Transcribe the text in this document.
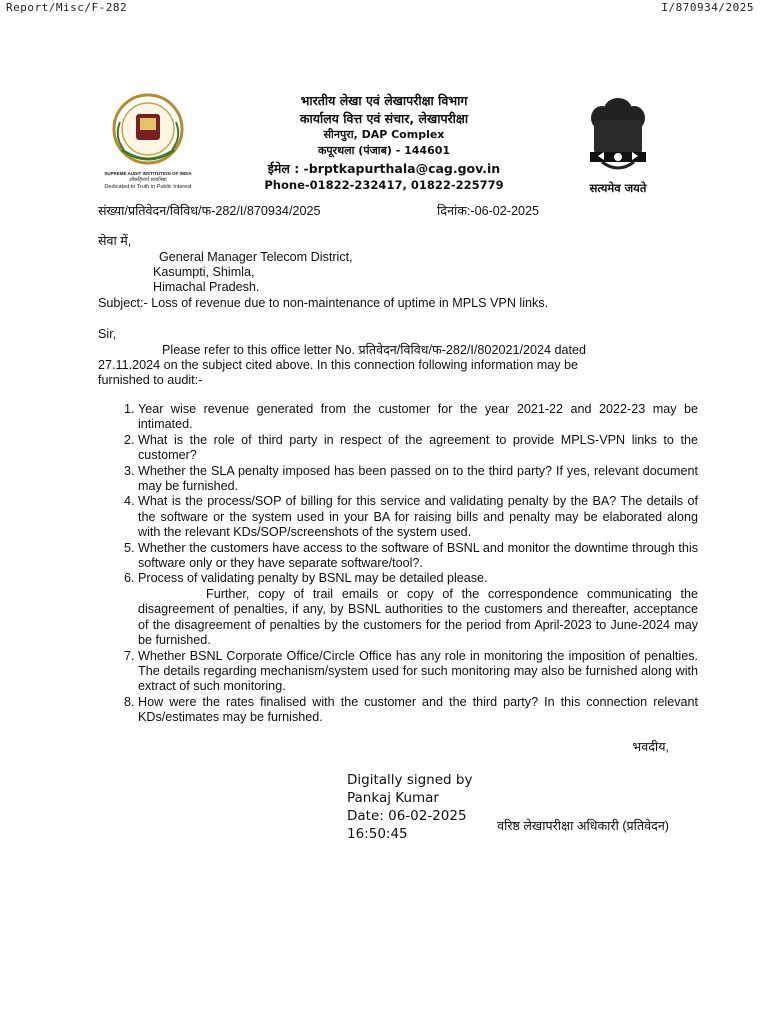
Report/Misc/F-282	I/870934/2025
SUPREME AUDIT INSTITUTION OF INDIA
लोकहितार्थ सत्यनिष्ठा
Dedicated to Truth in Public Interest	सत्यमेव जयते
भारतीय लेखा एवं लेखापरीक्षा विभाग
कार्यालय वित्त एवं संचार, लेखापरीक्षा
सीनपुरा, DAP Complex
कपूरथला (पंजाब) - 144601
ईमेल : -brptkapurthala@cag.gov.in
Phone-01822-232417, 01822-225779
संख्या/प्रतिवेदन/विविध/फ-282/I/870934/2025	दिनांक:-06-02-2025
सेवा में,
General Manager Telecom District,
Kasumpti, Shimla,
Himachal Pradesh.
Subject:- Loss of revenue due to non-maintenance of uptime in MPLS VPN links.
Sir,
Please refer to this office letter No. प्रतिवेदन/विविध/फ-282/I/802021/2024 dated
27.11.2024 on the subject cited above. In this connection following information may be
furnished to audit:-
1. Year wise revenue generated from the customer for the year 2021-22 and 2022-23 may be intimated.
2. What is the role of third party in respect of the agreement to provide MPLS-VPN links to the customer?
3. Whether the SLA penalty imposed has been passed on to the third party? If yes, relevant document may be furnished.
4. What is the process/SOP of billing for this service and validating penalty by the BA? The details of the software or the system used in your BA for raising bills and penalty may be elaborated along with the relevant KDs/SOP/screenshots of the system used.
5. Whether the customers have access to the software of BSNL and monitor the downtime through this software only or they have separate software/tool?.
6. Process of validating penalty by BSNL may be detailed please.
Further, copy of trail emails or copy of the correspondence communicating the disagreement of penalties, if any, by BSNL authorities to the customers and thereafter, acceptance of the disagreement of penalties by the customers for the period from April-2023 to June-2024 may be furnished.
7. Whether BSNL Corporate Office/Circle Office has any role in monitoring the imposition of penalties. The details regarding mechanism/system used for such monitoring may also be furnished along with extract of such monitoring.
8. How were the rates finalised with the customer and the third party? In this connection relevant KDs/estimates may be furnished.
भवदीय,
Digitally signed by
Pankaj Kumar
Date: 06-02-2025
16:50:45	वरिष्ठ लेखापरीक्षा अधिकारी (प्रतिवेदन)
